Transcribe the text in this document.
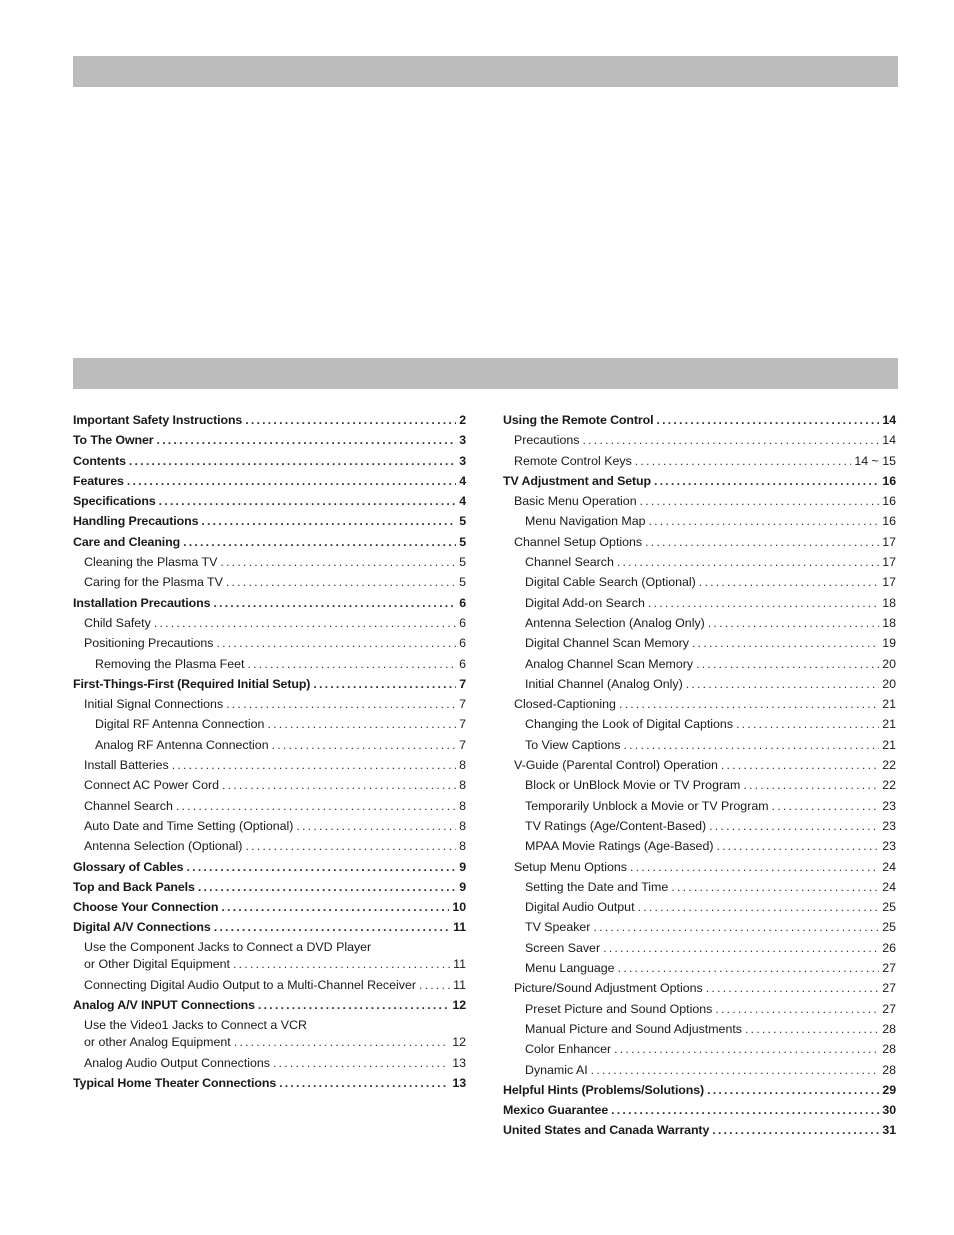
Important Safety Instructions .....	2
To The Owner .....	3
Contents .....	3
Features .....	4
Specifications .....	4
Handling Precautions .....	5
Care and Cleaning .....	5
Cleaning the Plasma TV .....	5
Caring for the Plasma TV .....	5
Installation Precautions .....	6
Child Safety .....	6
Positioning Precautions .....	6
Removing the Plasma Feet .....	6
First-Things-First (Required Initial Setup) .....	7
Initial Signal Connections .....	7
Digital RF Antenna Connection .....	7
Analog RF Antenna Connection .....	7
Install Batteries .....	8
Connect AC Power Cord .....	8
Channel Search .....	8
Auto Date and Time Setting (Optional) .....	8
Antenna Selection (Optional) .....	8
Glossary of Cables .....	9
Top and Back Panels .....	9
Choose Your Connection .....	10
Digital A/V Connections .....	11
Use the Component Jacks to Connect a DVD Player
or Other Digital Equipment .....	11
Connecting Digital Audio Output to a Multi-Channel Receiver .....	11
Analog A/V INPUT Connections .....	12
Use the Video1 Jacks to Connect a VCR
or other Analog Equipment .....	12
Analog Audio Output Connections .....	13
Typical Home Theater Connections .....	13
Using the Remote Control .....	14
Precautions .....	14
Remote Control Keys .....	14 ~ 15
TV Adjustment and Setup .....	16
Basic Menu Operation .....	16
Menu Navigation Map .....	16
Channel Setup Options .....	17
Channel Search .....	17
Digital Cable Search (Optional) .....	17
Digital Add-on Search .....	18
Antenna Selection (Analog Only) .....	18
Digital Channel Scan Memory .....	19
Analog Channel Scan Memory .....	20
Initial Channel (Analog Only) .....	20
Closed-Captioning .....	21
Changing the Look of Digital Captions .....	21
To View Captions .....	21
V-Guide (Parental Control) Operation .....	22
Block or UnBlock Movie or TV Program .....	22
Temporarily Unblock a Movie or TV Program .....	23
TV Ratings (Age/Content-Based) .....	23
MPAA Movie Ratings (Age-Based) .....	23
Setup Menu Options .....	24
Setting the Date and Time .....	24
Digital Audio Output .....	25
TV Speaker .....	25
Screen Saver .....	26
Menu Language .....	27
Picture/Sound Adjustment Options .....	27
Preset Picture and Sound Options .....	27
Manual Picture and Sound Adjustments .....	28
Color Enhancer .....	28
Dynamic AI .....	28
Helpful Hints (Problems/Solutions) .....	29
Mexico Guarantee .....	30
United States and Canada Warranty .....	31
